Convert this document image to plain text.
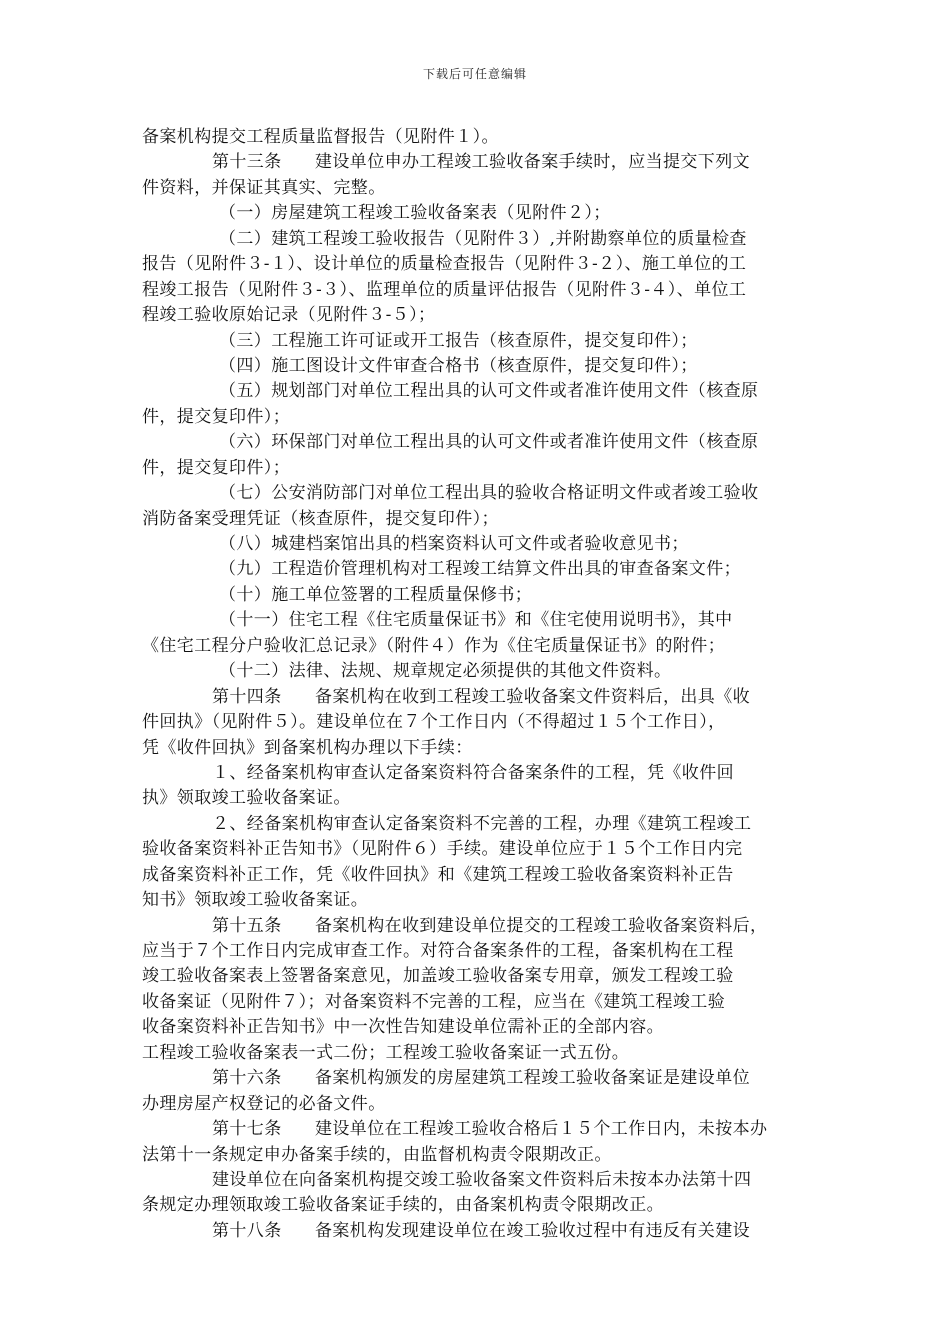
下载后可任意编辑
备案机构提交工程质量监督报告（见附件１）。
第十三条 建设单位申办工程竣工验收备案手续时，应当提交下列文
件资料，并保证其真实、完整。
（一）房屋建筑工程竣工验收备案表（见附件２）；
（二）建筑工程竣工验收报告（见附件３）,并附勘察单位的质量检查
报告（见附件３-１）、设计单位的质量检查报告（见附件３-２）、施工单位的工
程竣工报告（见附件３-３）、监理单位的质量评估报告（见附件３-４）、单位工
程竣工验收原始记录（见附件３-５）；
（三）工程施工许可证或开工报告（核查原件，提交复印件）；
（四）施工图设计文件审查合格书（核查原件，提交复印件）；
（五）规划部门对单位工程出具的认可文件或者准许使用文件（核查原
件，提交复印件）；
（六）环保部门对单位工程出具的认可文件或者准许使用文件（核查原
件，提交复印件）；
（七）公安消防部门对单位工程出具的验收合格证明文件或者竣工验收
消防备案受理凭证（核查原件，提交复印件）；
（八）城建档案馆出具的档案资料认可文件或者验收意见书；
（九）工程造价管理机构对工程竣工结算文件出具的审查备案文件；
（十）施工单位签署的工程质量保修书；
（十一）住宅工程《住宅质量保证书》和《住宅使用说明书》，其中
《住宅工程分户验收汇总记录》（附件４）作为《住宅质量保证书》的附件；
（十二）法律、法规、规章规定必须提供的其他文件资料。
第十四条 备案机构在收到工程竣工验收备案文件资料后，出具《收
件回执》（见附件５）。建设单位在７个工作日内（不得超过１５个工作日），
凭《收件回执》到备案机构办理以下手续：
１、经备案机构审查认定备案资料符合备案条件的工程，凭《收件回
执》领取竣工验收备案证。
２、经备案机构审查认定备案资料不完善的工程，办理《建筑工程竣工
验收备案资料补正告知书》（见附件６）手续。建设单位应于１５个工作日内完
成备案资料补正工作，凭《收件回执》和《建筑工程竣工验收备案资料补正告
知书》领取竣工验收备案证。
第十五条 备案机构在收到建设单位提交的工程竣工验收备案资料后，
应当于７个工作日内完成审查工作。对符合备案条件的工程，备案机构在工程
竣工验收备案表上签署备案意见，加盖竣工验收备案专用章，颁发工程竣工验
收备案证（见附件７）；对备案资料不完善的工程，应当在《建筑工程竣工验
收备案资料补正告知书》中一次性告知建设单位需补正的全部内容。
工程竣工验收备案表一式二份；工程竣工验收备案证一式五份。
第十六条 备案机构颁发的房屋建筑工程竣工验收备案证是建设单位
办理房屋产权登记的必备文件。
第十七条 建设单位在工程竣工验收合格后１５个工作日内，未按本办
法第十一条规定申办备案手续的，由监督机构责令限期改正。
建设单位在向备案机构提交竣工验收备案文件资料后未按本办法第十四
条规定办理领取竣工验收备案证手续的，由备案机构责令限期改正。
第十八条 备案机构发现建设单位在竣工验收过程中有违反有关建设
